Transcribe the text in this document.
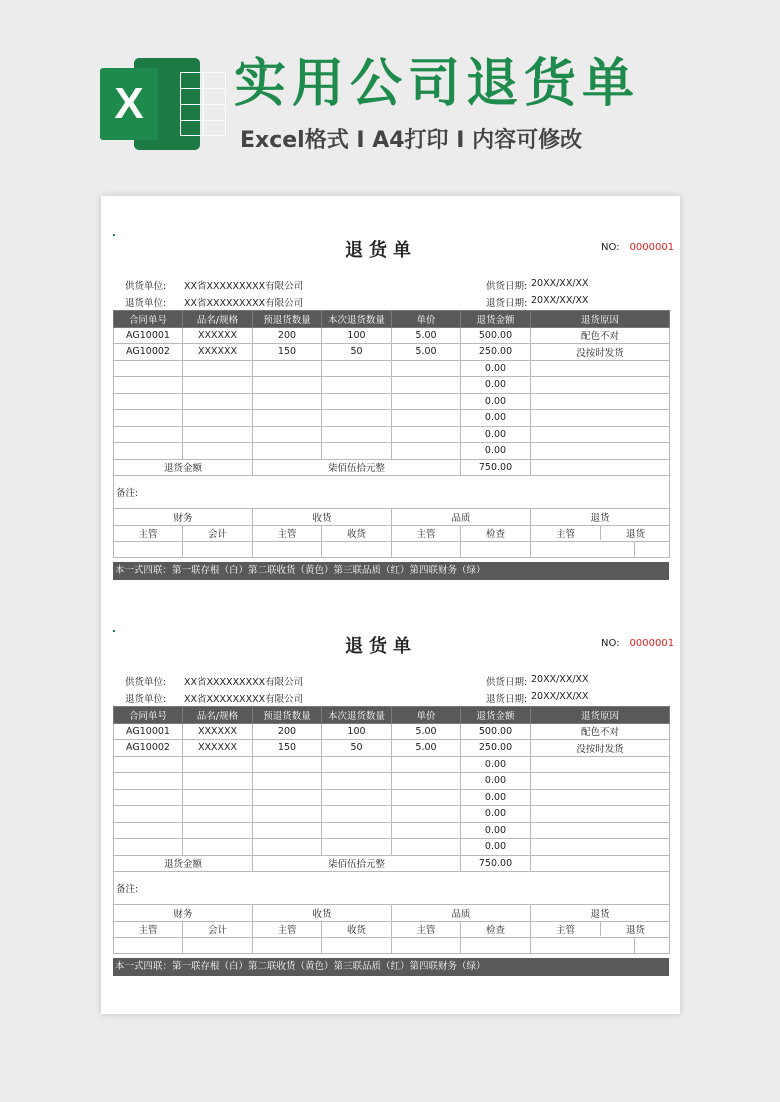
X 实用公司退货单
Excel格式 I A4打印 I 内容可修改
退货单	NO: 0000001
供货单位: XX省XXXXXXXXX有限公司
退货单位: XX省XXXXXXXXX有限公司
供货日期: 20XX/XX/XX
退货日期: 20XX/XX/XX
合同单号	品名/规格	预退货数量	本次退货数量	单价	退货金额	退货原因
AG10001	XXXXXX	200	100	5.00	500.00	配色不对
AG10002	XXXXXX	150	50	5.00	250.00	没按时发货
					0.00	
					0.00	
					0.00	
					0.00	
					0.00	
					0.00	
退货金额		柒佰伍拾元整			750.00	
备注:						
财务		收货		品质		退货
主管	会计	主管	收货	主管	检查	主管 退货

本一式四联：第一联存根（白）第二联收货（黄色）第三联品质（红）第四联财务（绿）
退货单	NO: 0000001
供货单位: XX省XXXXXXXXX有限公司
退货单位: XX省XXXXXXXXX有限公司
供货日期: 20XX/XX/XX
退货日期: 20XX/XX/XX
合同单号	品名/规格	预退货数量	本次退货数量	单价	退货金额	退货原因
AG10001	XXXXXX	200	100	5.00	500.00	配色不对
AG10002	XXXXXX	150	50	5.00	250.00	没按时发货
					0.00	
					0.00	
					0.00	
					0.00	
					0.00	
					0.00	
退货金额		柒佰伍拾元整			750.00	
备注:						
财务		收货		品质		退货
主管	会计	主管	收货	主管	检查	主管 退货

本一式四联：第一联存根（白）第二联收货（黄色）第三联品质（红）第四联财务（绿）
